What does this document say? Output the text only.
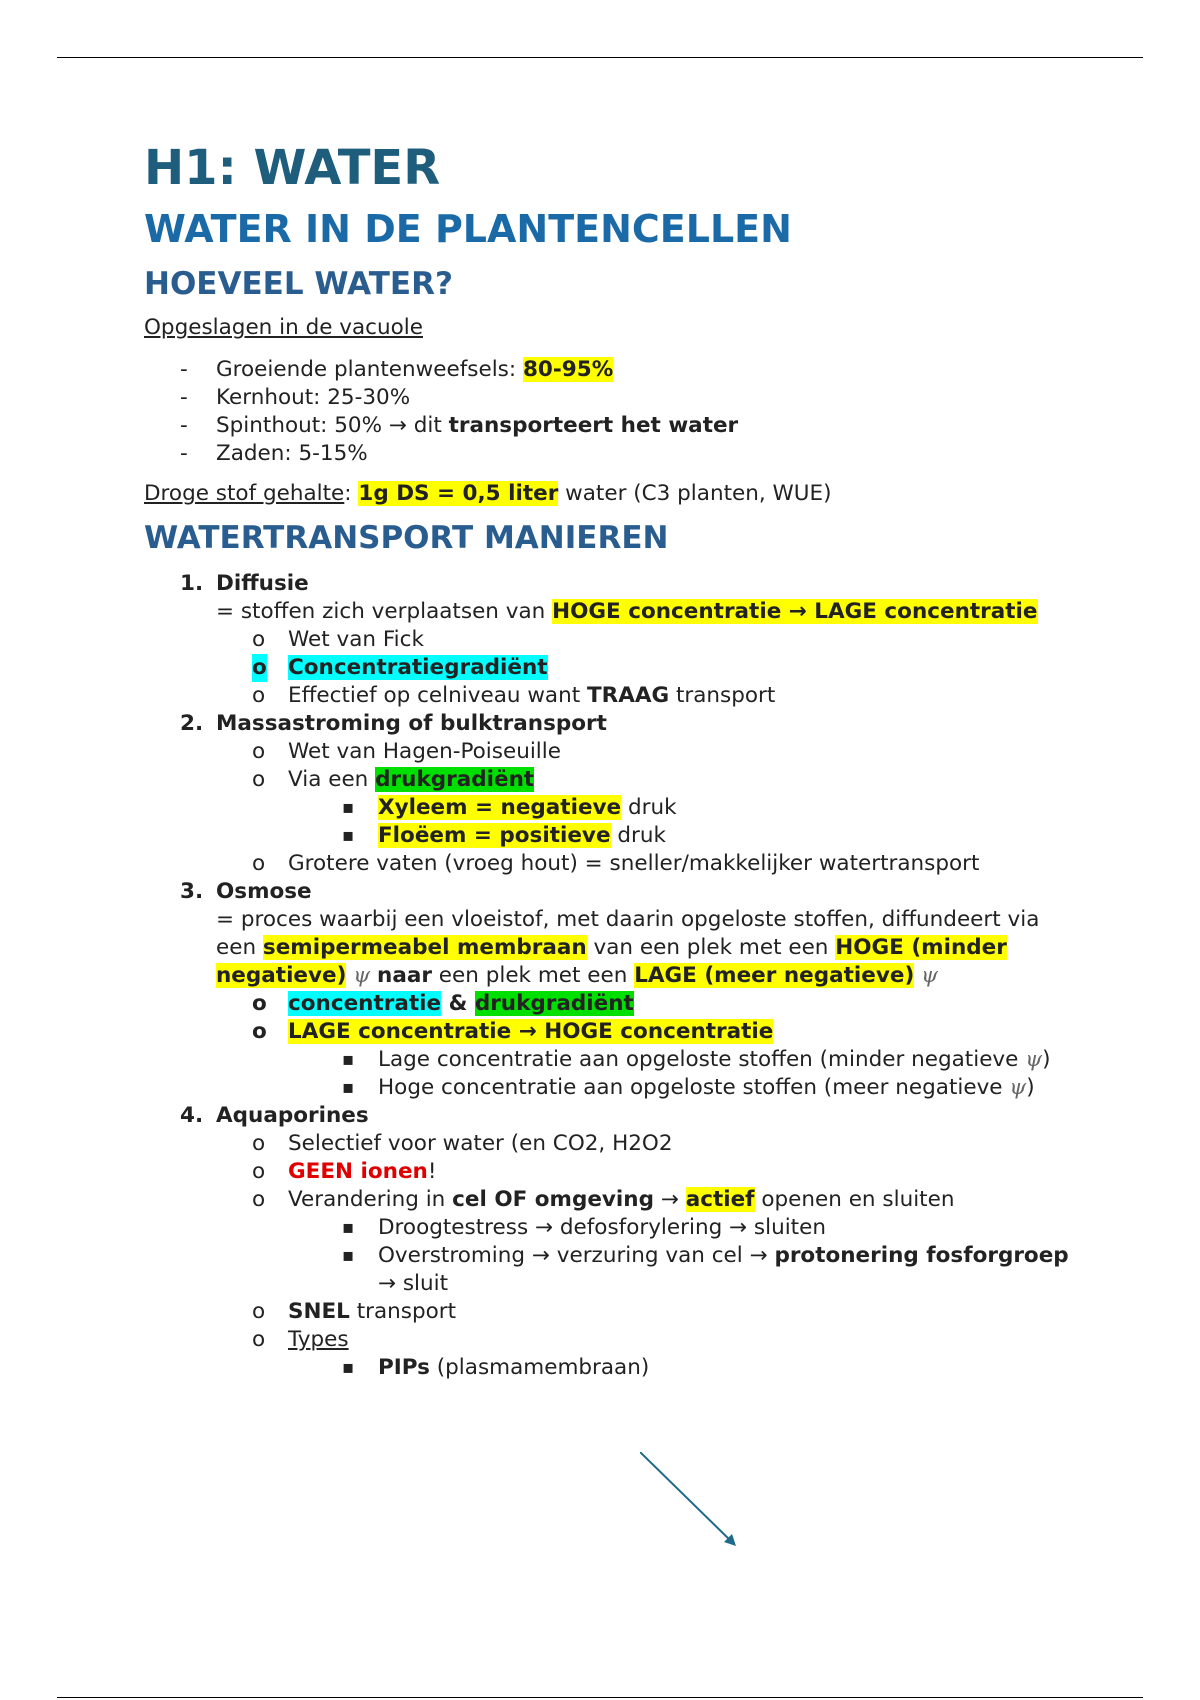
H1: WATER
WATER IN DE PLANTENCELLEN
HOEVEEL WATER?

Opgeslagen in de vacuole

- Groeiende plantenweefsels: 80-95%
- Kernhout: 25-30%
- Spinthout: 50% → dit transporteert het water
- Zaden: 5-15%

Droge stof gehalte: 1g DS = 0,5 liter water (C3 planten, WUE)

WATERTRANSPORT MANIEREN
1. Diffusie
= stoffen zich verplaatsen van HOGE concentratie → LAGE concentratie
o Wet van Fick
o Concentratiegradiënt
o Effectief op celniveau want TRAAG transport
2. Massastroming of bulktransport
o Wet van Hagen-Poiseuille
o Via een drukgradiënt
▪ Xyleem = negatieve druk
▪ Floëem = positieve druk
o Grotere vaten (vroeg hout) = sneller/makkelijker watertransport
3. Osmose
= proces waarbij een vloeistof, met daarin opgeloste stoffen, diffundeert via een semipermeabel membraan van een plek met een HOGE (minder negatieve) ψ naar een plek met een LAGE (meer negatieve) ψ
o concentratie & drukgradiënt
o LAGE concentratie → HOGE concentratie
▪ Lage concentratie aan opgeloste stoffen (minder negatieve ψ)
▪ Hoge concentratie aan opgeloste stoffen (meer negatieve ψ)
4. Aquaporines
o Selectief voor water (en CO2, H2O2
o GEEN ionen!
o Verandering in cel OF omgeving → actief openen en sluiten
▪ Droogtestress → defosforylering → sluiten
▪ Overstroming → verzuring van cel → protonering fosforgroep → sluit
o SNEL transport
o Types
▪ PIPs (plasmamembraan)
